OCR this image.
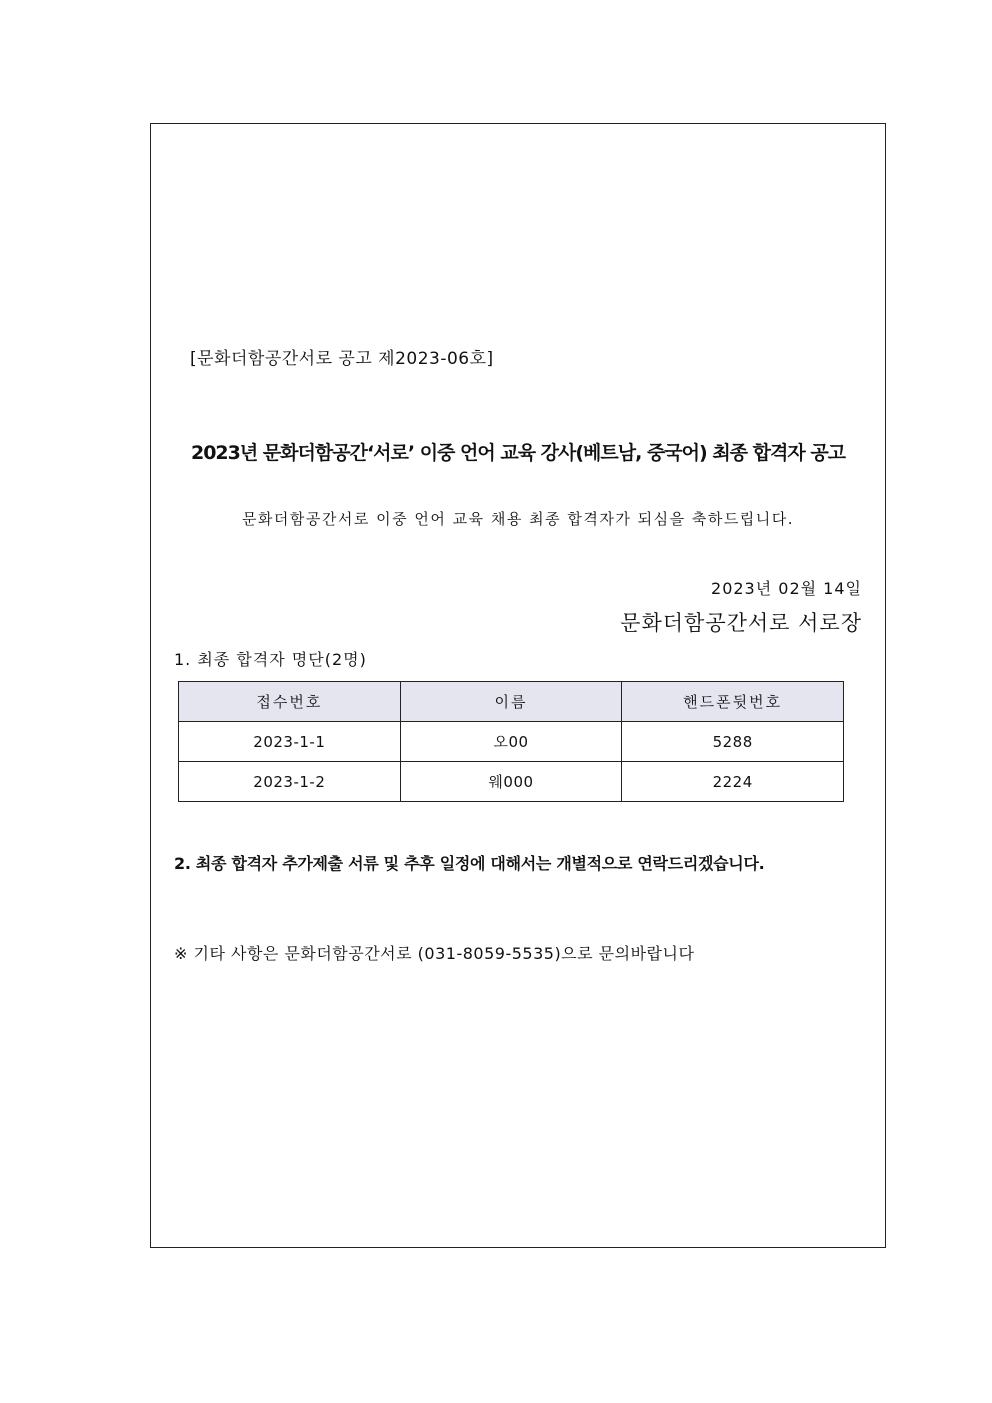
[문화더함공간서로 공고 제2023-06호]
2023년 문화더함공간‘서로’ 이중 언어 교육 강사(베트남, 중국어) 최종 합격자 공고
문화더함공간서로 이중 언어 교육 채용 최종 합격자가 되심을 축하드립니다.
2023년 02월 14일
문화더함공간서로 서로장
1. 최종 합격자 명단(2명)
접수번호	이름	핸드폰뒷번호
2023-1-1	오00	5288
2023-1-2	웨000	2224
2. 최종 합격자 추가제출 서류 및 추후 일정에 대해서는 개별적으로 연락드리겠습니다.
※ 기타 사항은 문화더함공간서로 (031-8059-5535)으로 문의바랍니다
